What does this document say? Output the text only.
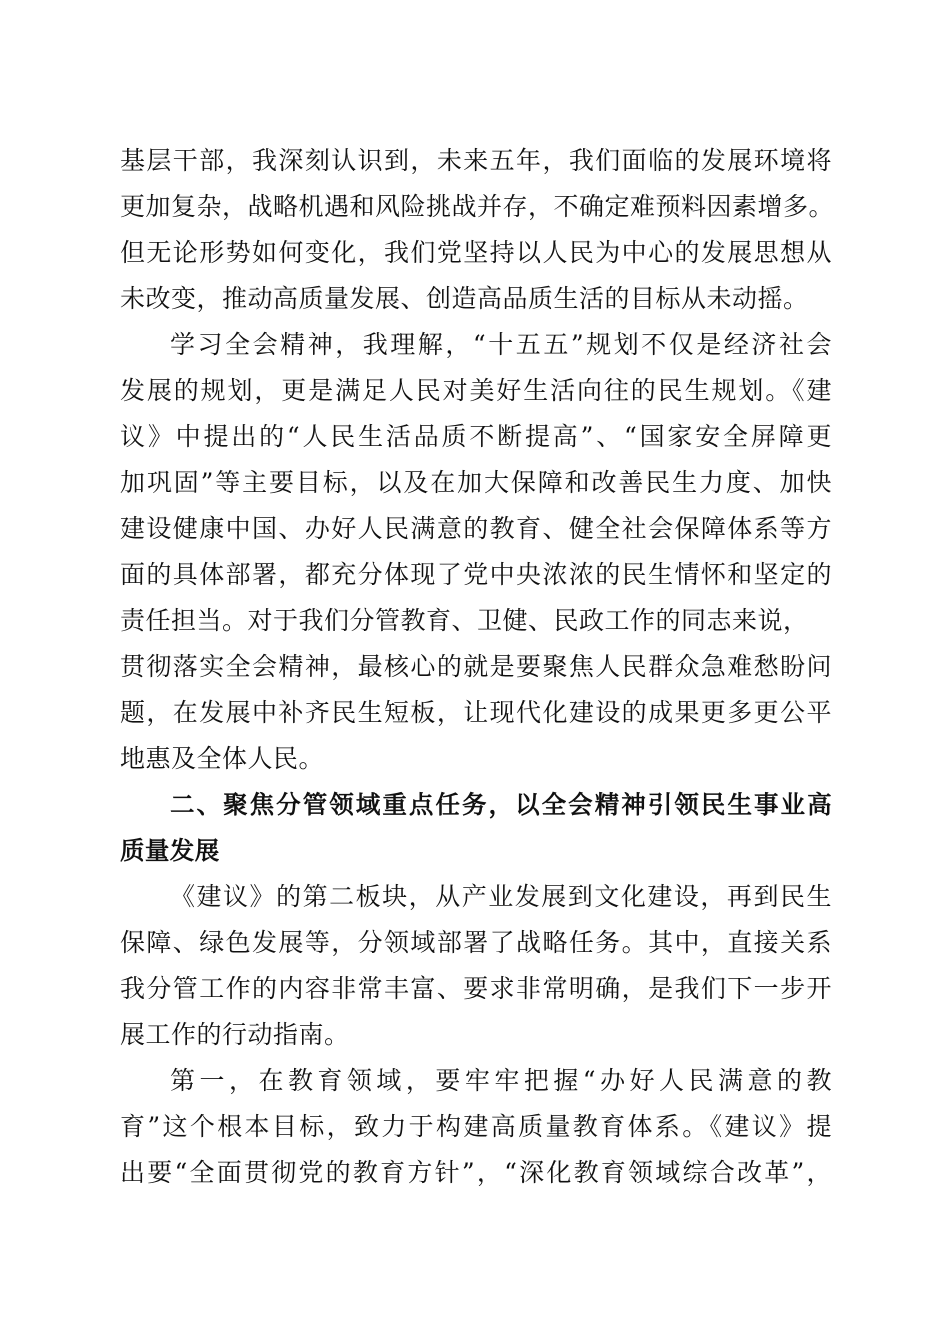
基层干部，我深刻认识到，未来五年，我们面临的发展环境将
更加复杂，战略机遇和风险挑战并存，不确定难预料因素增多。
但无论形势如何变化，我们党坚持以人民为中心的发展思想从
未改变，推动高质量发展、创造高品质生活的目标从未动摇。
学习全会精神，我理解，“十五五”规划不仅是经济社会
发展的规划，更是满足人民对美好生活向往的民生规划。《建
议》中提出的“人民生活品质不断提高”、“国家安全屏障更
加巩固”等主要目标，以及在加大保障和改善民生力度、加快
建设健康中国、办好人民满意的教育、健全社会保障体系等方
面的具体部署，都充分体现了党中央浓浓的民生情怀和坚定的
责任担当。对于我们分管教育、卫健、民政工作的同志来说，
贯彻落实全会精神，最核心的就是要聚焦人民群众急难愁盼问
题，在发展中补齐民生短板，让现代化建设的成果更多更公平
地惠及全体人民。
二、聚焦分管领域重点任务，以全会精神引领民生事业高
质量发展
《建议》的第二板块，从产业发展到文化建设，再到民生
保障、绿色发展等，分领域部署了战略任务。其中，直接关系
我分管工作的内容非常丰富、要求非常明确，是我们下一步开
展工作的行动指南。
第一，在教育领域，要牢牢把握“办好人民满意的教
育”这个根本目标，致力于构建高质量教育体系。《建议》提
出要“全面贯彻党的教育方针”，“深化教育领域综合改革”，
